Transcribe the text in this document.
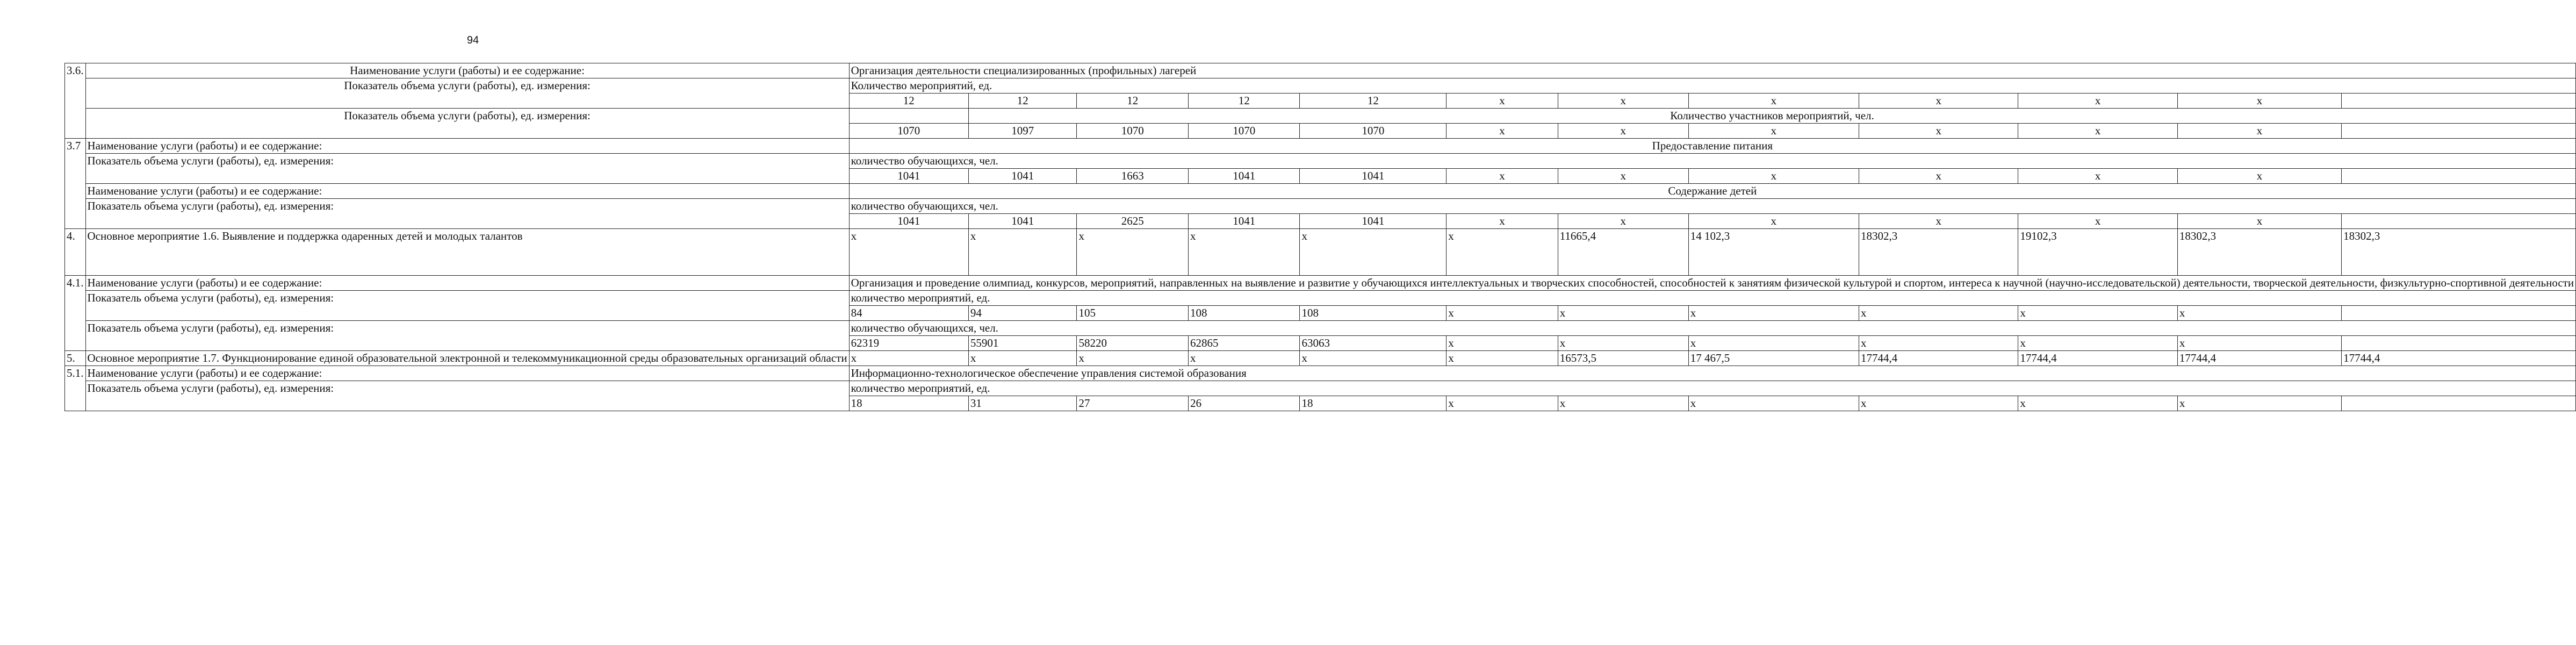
94
3.6.	Наименование услуги (работы) и ее содержание:	Организация деятельности специализированных (профильных) лагерей											
	Показатель объема услуги (работы), ед. измерения:	Количество мероприятий, ед.											
		12	12	12	12	12	х	х	х	х	х	х	
	Показатель объема услуги (работы), ед. измерения:		Количество участников мероприятий, чел.										
		1070	1097	1070	1070	1070	х	х	х	х	х	х	
3.7	Наименование услуги (работы) и ее содержание:	Предоставление питания											
	Показатель объема услуги (работы), ед. измерения:	количество обучающихся, чел.											
		1041	1041	1663	1041	1041	х	х	х	х	х	х	
	Наименование услуги (работы) и ее содержание:	Содержание детей											
	Показатель объема услуги (работы), ед. измерения:	количество обучающихся, чел.											
		1041	1041	2625	1041	1041	х	х	х	х	х	х	
4.	Основное мероприятие 1.6. Выявление и поддержка одаренных детей и молодых талантов	х	х	х	х	х	х	11665,4	14 102,3	18302,3	19102,3	18302,3	18302,3
4.1.	Наименование услуги (работы) и ее содержание:	Организация и проведение олимпиад, конкурсов, мероприятий, направленных на выявление и развитие у обучающихся интеллектуальных и творческих способностей, способностей к занятиям физической культурой и спортом, интереса к научной (научно-исследовательской) деятельности, творческой деятельности, физкультурно-спортивной деятельности											
	Показатель объема услуги (работы), ед. измерения:	количество мероприятий, ед.											
		84	94	105	108	108	х	х	х	х	х	х	
	Показатель объема услуги (работы), ед. измерения:	количество обучающихся, чел.											
		62319	55901	58220	62865	63063	х	х	х	х	х	х	
5.	Основное мероприятие 1.7. Функционирование единой образовательной электронной и телекоммуникационной среды образовательных организаций области	х	х	х	х	х	х	16573,5	17 467,5	17744,4	17744,4	17744,4	17744,4
5.1.	Наименование услуги (работы) и ее содержание:	Информационно-технологическое обеспечение управления системой образования											
	Показатель объема услуги (работы), ед. измерения:	количество мероприятий, ед.											
		18	31	27	26	18	х	х	х	х	х	х	
